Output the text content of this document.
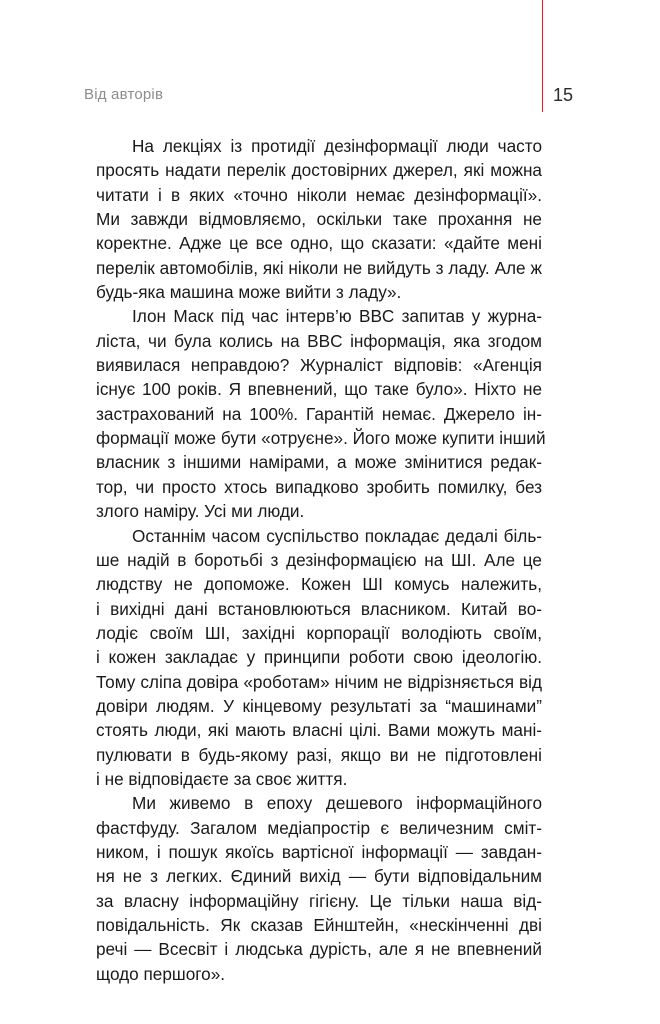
Від авторів	15

На лекціях із протидії дезінформації люди часто
просять надати перелік достовірних джерел, які можна
читати і в яких «точно ніколи немає дезінформації».
Ми завжди відмовляємо, оскільки таке прохання не
коректне. Адже це все одно, що сказати: «дайте мені
перелік автомобілів, які ніколи не вийдуть з ладу. Але ж
будь-яка машина може вийти з ладу».

Ілон Маск під час інтерв’ю BBC запитав у журна-
ліста, чи була колись на BBC інформація, яка згодом
виявилася неправдою? Журналіст відповів: «Агенція
існує 100 років. Я впевнений, що таке було». Ніхто не
застрахований на 100%. Гарантій немає. Джерело ін-
формації може бути «отруєне». Його може купити інший
власник з іншими намірами, а може змінитися редак-
тор, чи просто хтось випадково зробить помилку, без
злого наміру. Усі ми люди.

Останнім часом суспільство покладає дедалі біль-
ше надій в боротьбі з дезінформацією на ШІ. Але це
людству не допоможе. Кожен ШІ комусь належить,
і вихідні дані встановлюються власником. Китай во-
лодіє своїм ШІ, західні корпорації володіють своїм,
і кожен закладає у принципи роботи свою ідеологію.
Тому сліпа довіра «роботам» нічим не відрізняється від
довіри людям. У кінцевому результаті за “машинами”
стоять люди, які мають власні цілі. Вами можуть мані-
пулювати в будь-якому разі, якщо ви не підготовлені
і не відповідаєте за своє життя.

Ми живемо в епоху дешевого інформаційного
фастфуду. Загалом медіапростір є величезним сміт-
ником, і пошук якоїсь вартісної інформації — завдан-
ня не з легких. Єдиний вихід — бути відповідальним
за власну інформаційну гігієну. Це тільки наша від-
повідальність. Як сказав Ейнштейн, «нескінченні дві
речі — Всесвіт і людська дурість, але я не впевнений
щодо першого».
